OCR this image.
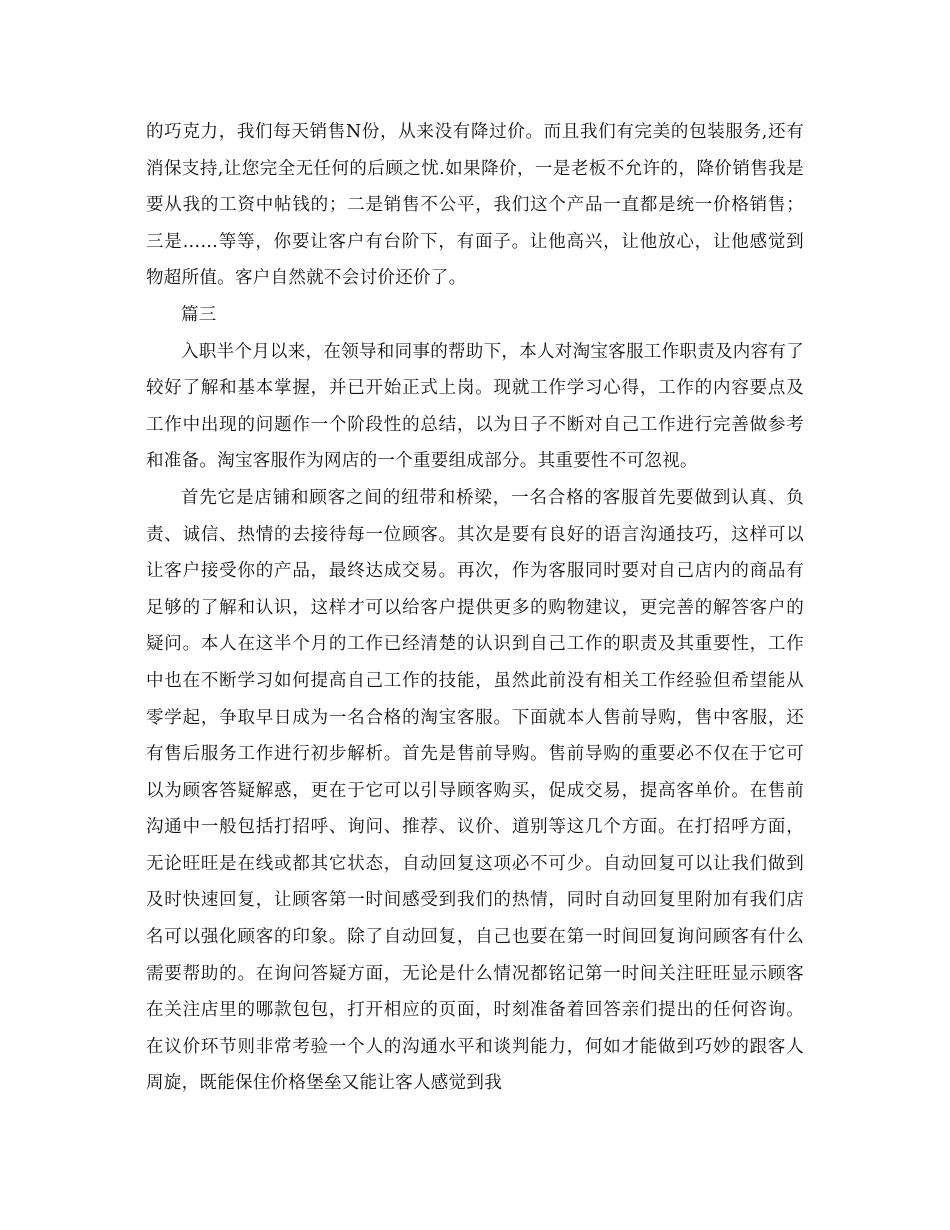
的巧克力，我们每天销售N份，从来没有降过价。而且我们有完美的包装服务,还有消保支持,让您完全无任何的后顾之忧.如果降价，一是老板不允许的，降价销售我是要从我的工资中帖钱的；二是销售不公平，我们这个产品一直都是统一价格销售；三是……等等，你要让客户有台阶下，有面子。让他高兴，让他放心，让他感觉到物超所值。客户自然就不会讨价还价了。

篇三

入职半个月以来，在领导和同事的帮助下，本人对淘宝客服工作职责及内容有了较好了解和基本掌握，并已开始正式上岗。现就工作学习心得，工作的内容要点及工作中出现的问题作一个阶段性的总结，以为日子不断对自己工作进行完善做参考和准备。淘宝客服作为网店的一个重要组成部分。其重要性不可忽视。

首先它是店铺和顾客之间的纽带和桥梁，一名合格的客服首先要做到认真、负责、诚信、热情的去接待每一位顾客。其次是要有良好的语言沟通技巧，这样可以让客户接受你的产品，最终达成交易。再次，作为客服同时要对自己店内的商品有足够的了解和认识，这样才可以给客户提供更多的购物建议，更完善的解答客户的疑问。本人在这半个月的工作已经清楚的认识到自己工作的职责及其重要性，工作中也在不断学习如何提高自己工作的技能，虽然此前没有相关工作经验但希望能从零学起，争取早日成为一名合格的淘宝客服。下面就本人售前导购，售中客服，还有售后服务工作进行初步解析。首先是售前导购。售前导购的重要必不仅在于它可以为顾客答疑解惑，更在于它可以引导顾客购买，促成交易，提高客单价。在售前沟通中一般包括打招呼、询问、推荐、议价、道别等这几个方面。在打招呼方面，无论旺旺是在线或都其它状态，自动回复这项必不可少。自动回复可以让我们做到及时快速回复，让顾客第一时间感受到我们的热情，同时自动回复里附加有我们店名可以强化顾客的印象。除了自动回复，自己也要在第一时间回复询问顾客有什么需要帮助的。在询问答疑方面，无论是什么情况都铭记第一时间关注旺旺显示顾客在关注店里的哪款包包，打开相应的页面，时刻准备着回答亲们提出的任何咨询。在议价环节则非常考验一个人的沟通水平和谈判能力，何如才能做到巧妙的跟客人周旋，既能保住价格堡垒又能让客人感觉到我
